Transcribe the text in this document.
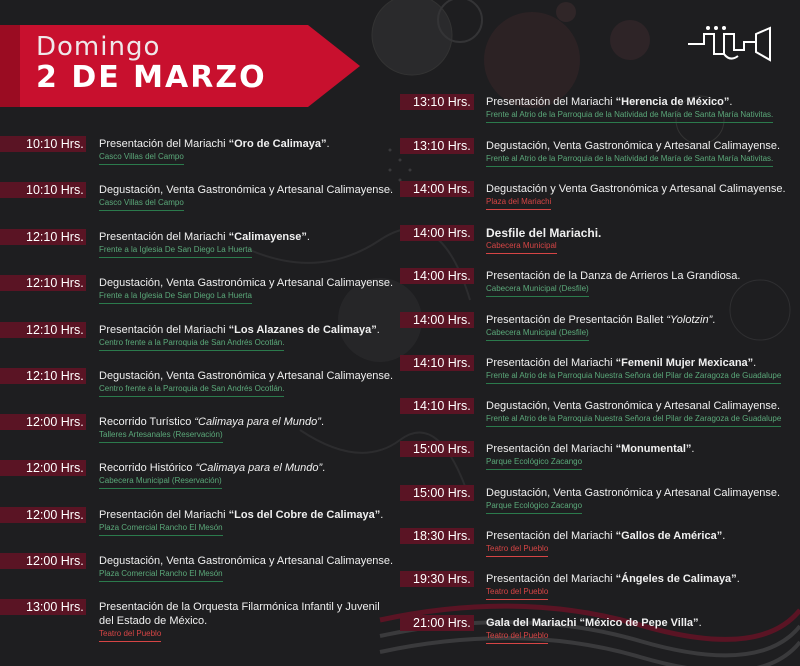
Domingo
2 DE MARZO
10:10 Hrs. Presentación del Mariachi “Oro de Calimaya”.
Casco Villas del Campo
10:10 Hrs. Degustación, Venta Gastronómica y Artesanal Calimayense.
Casco Villas del Campo
12:10 Hrs. Presentación del Mariachi “Calimayense”.
Frente a la Iglesia De San Diego La Huerta
12:10 Hrs. Degustación, Venta Gastronómica y Artesanal Calimayense.
Frente a la Iglesia De San Diego La Huerta
12:10 Hrs. Presentación del Mariachi “Los Alazanes de Calimaya”.
Centro frente a la Parroquia de San Andrés Ocotlán.
12:10 Hrs. Degustación, Venta Gastronómica y Artesanal Calimayense.
Centro frente a la Parroquia de San Andrés Ocotlán.
12:00 Hrs. Recorrido Turístico “Calimaya para el Mundo”.
Talleres Artesanales (Reservación)
12:00 Hrs. Recorrido Histórico “Calimaya para el Mundo”.
Cabecera Municipal (Reservación)
12:00 Hrs. Presentación del Mariachi “Los del Cobre de Calimaya”.
Plaza Comercial Rancho El Mesón
12:00 Hrs. Degustación, Venta Gastronómica y Artesanal Calimayense.
Plaza Comercial Rancho El Mesón
13:00 Hrs. Presentación de la Orquesta Filarmónica Infantil y Juvenil
del Estado de México.
Teatro del Pueblo
13:10 Hrs.	Presentación del Mariachi “Herencia de México”.
Frente al Atrio de la Parroquia de la Natividad de María de Santa María Nativitas.
13:10 Hrs.	Degustación, Venta Gastronómica y Artesanal Calimayense.
Frente al Atrio de la Parroquia de la Natividad de María de Santa María Nativitas.
14:00 Hrs.	Degustación y Venta Gastronómica y Artesanal Calimayense.
Plaza del Mariachi
14:00 Hrs. Desfile del Mariachi.
Cabecera Municipal
14:00 Hrs.	Presentación de la Danza de Arrieros La Grandiosa.
Cabecera Municipal (Desfile)
14:00 Hrs.	Presentación de Presentación Ballet “Yolotzin”.
Cabecera Municipal (Desfile)
14:10 Hrs.	Presentación del Mariachi “Femenil Mujer Mexicana”.
Frente al Atrio de la Parroquia Nuestra Señora del Pilar de Zaragoza de Guadalupe
14:10 Hrs.	Degustación, Venta Gastronómica y Artesanal Calimayense.
Frente al Atrio de la Parroquia Nuestra Señora del Pilar de Zaragoza de Guadalupe
15:00 Hrs.	Presentación del Mariachi “Monumental”.
Parque Ecológico Zacango
15:00 Hrs.	Degustación, Venta Gastronómica y Artesanal Calimayense.
Parque Ecológico Zacango
18:30 Hrs.	Presentación del Mariachi “Gallos de América”.
Teatro del Pueblo
19:30 Hrs.	Presentación del Mariachi “Ángeles de Calimaya”.
Teatro del Pueblo
21:00 Hrs.	Gala del Mariachi “México de Pepe Villa”.
Teatro del Pueblo
